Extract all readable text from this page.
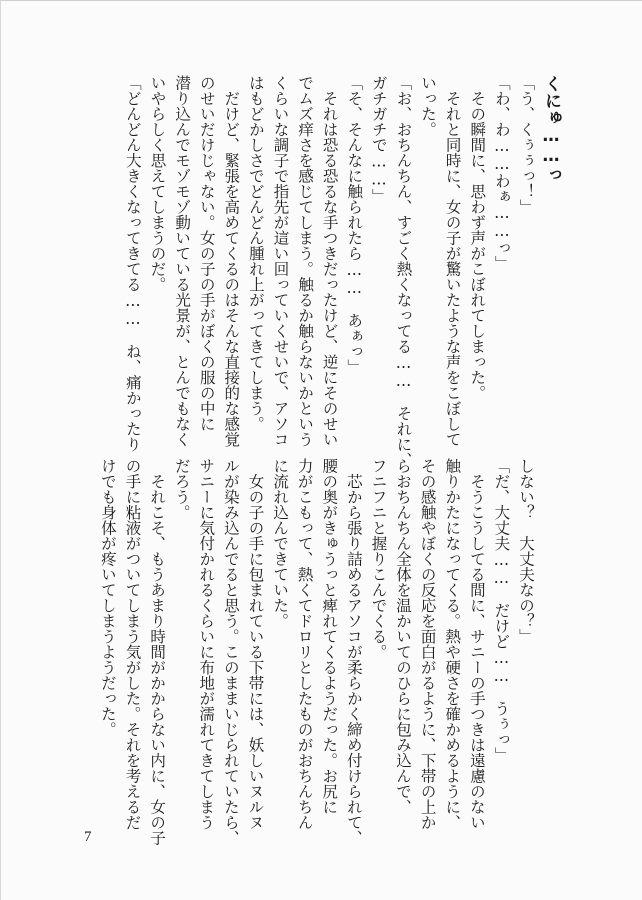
くにゅ……っ
「う、くぅぅっ！」
「わ、わ……わぁ……っ」
　その瞬間に、思わず声がこぼれてしまった。
　それと同時に、女の子が驚いたような声をこぼして
いった。
「お、おちんちん、すごく熱くなってる……　それに、
ガチガチで……」
「そ、そんなに触られたら……　あぁっ」
　それは恐る恐るな手つきだったけど、逆にそのせい
でムズ痒さを感じてしまう。触るか触らないかという
くらいな調子で指先が這い回っていくせいで、アソコ
はもどかしさでどんどん腫れ上がってきてしまう。
　だけど、緊張を高めてくるのはそんな直接的な感覚
のせいだけじゃない。女の子の手がぼくの服の中に
潜り込んでモゾモゾ動いている光景が、とんでもなく
いやらしく思えてしまうのだ。
「どんどん大きくなってきてる……　ね、痛かったり
しない？　大丈夫なの？」
「だ、大丈夫……　だけど……　うぅっ」
　そうこうしてる間に、サニーの手つきは遠慮のない
触りかたになってくる。熱や硬さを確かめるように、
その感触やぼくの反応を面白がるように、下帯の上か
らおちんちん全体を温かいてのひらに包み込んで、
フニフニと握りこんでくる。
　芯から張り詰めるアソコが柔らかく締め付けられて、
腰の奥がきゅうっと痺れてくるようだった。お尻に
力がこもって、熱くてドロリとしたものがおちんちん
に流れ込んできていた。
　女の子の手に包まれている下帯には、妖しいヌルヌ
ルが染み込んでると思う。このままいじられていたら、
サニーに気付かれるくらいに布地が濡れてきてしまう
だろう。
　それこそ、もうあまり時間がかからない内に、女の子
の手に粘液がついてしまう気がした。それを考えるだ
けでも身体が疼いてしまうようだった。
7
